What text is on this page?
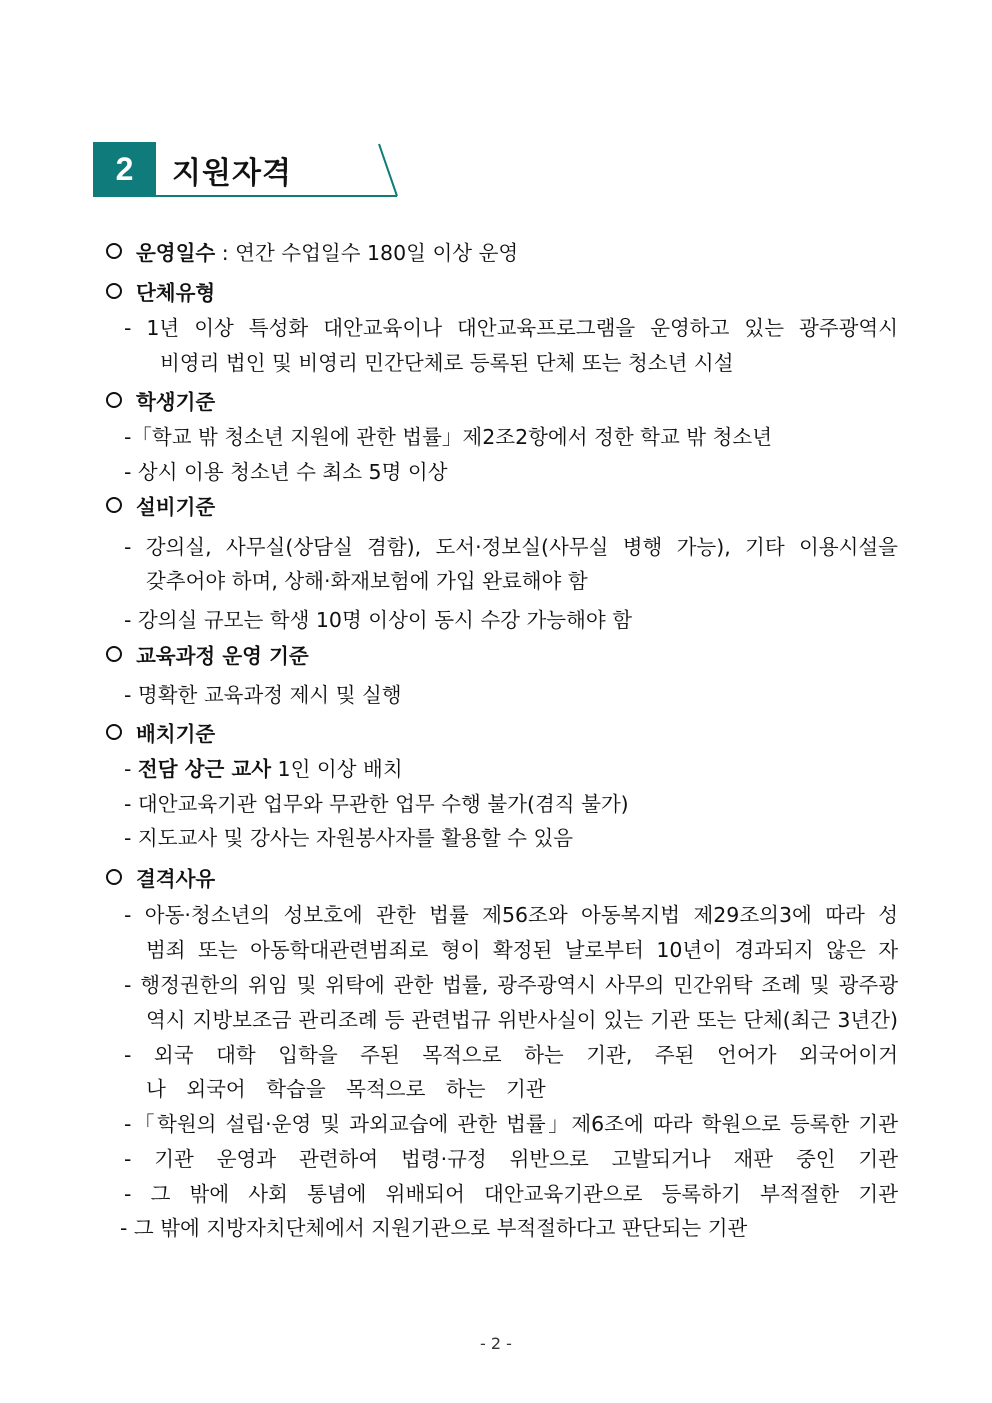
2	지원자격
운영일수 : 연간 수업일수 180일 이상 운영
단체유형
- 1년 이상 특성화 대안교육이나 대안교육프로그램을 운영하고 있는 광주광역시
비영리 법인 및 비영리 민간단체로 등록된 단체 또는 청소년 시설
학생기준
-「학교 밖 청소년 지원에 관한 법률」제2조2항에서 정한 학교 밖 청소년
- 상시 이용 청소년 수 최소 5명 이상
설비기준
- 강의실, 사무실(상담실 겸함), 도서·정보실(사무실 병행 가능), 기타 이용시설을
갖추어야 하며, 상해·화재보험에 가입 완료해야 함
- 강의실 규모는 학생 10명 이상이 동시 수강 가능해야 함
교육과정 운영 기준
- 명확한 교육과정 제시 및 실행
배치기준
- 전담 상근 교사 1인 이상 배치
- 대안교육기관 업무와 무관한 업무 수행 불가(겸직 불가)
- 지도교사 및 강사는 자원봉사자를 활용할 수 있음
결격사유
- 아동·청소년의 성보호에 관한 법률 제56조와 아동복지법 제29조의3에 따라 성
범죄 또는 아동학대관련범죄로 형이 확정된 날로부터 10년이 경과되지 않은 자
- 행정권한의 위임 및 위탁에 관한 법률, 광주광역시 사무의 민간위탁 조례 및 광주광
역시 지방보조금 관리조례 등 관련법규 위반사실이 있는 기관 또는 단체(최근 3년간)
- 외국 대학 입학을 주된 목적으로 하는 기관, 주된 언어가 외국어이거
나 외국어 학습을 목적으로 하는 기관
-「학원의 설립·운영 및 과외교습에 관한 법률」제6조에 따라 학원으로 등록한 기관
- 기관 운영과 관련하여 법령·규정 위반으로 고발되거나 재판 중인 기관
- 그 밖에 사회 통념에 위배되어 대안교육기관으로 등록하기 부적절한 기관
- 그 밖에 지방자치단체에서 지원기관으로 부적절하다고 판단되는 기관
- 2 -
